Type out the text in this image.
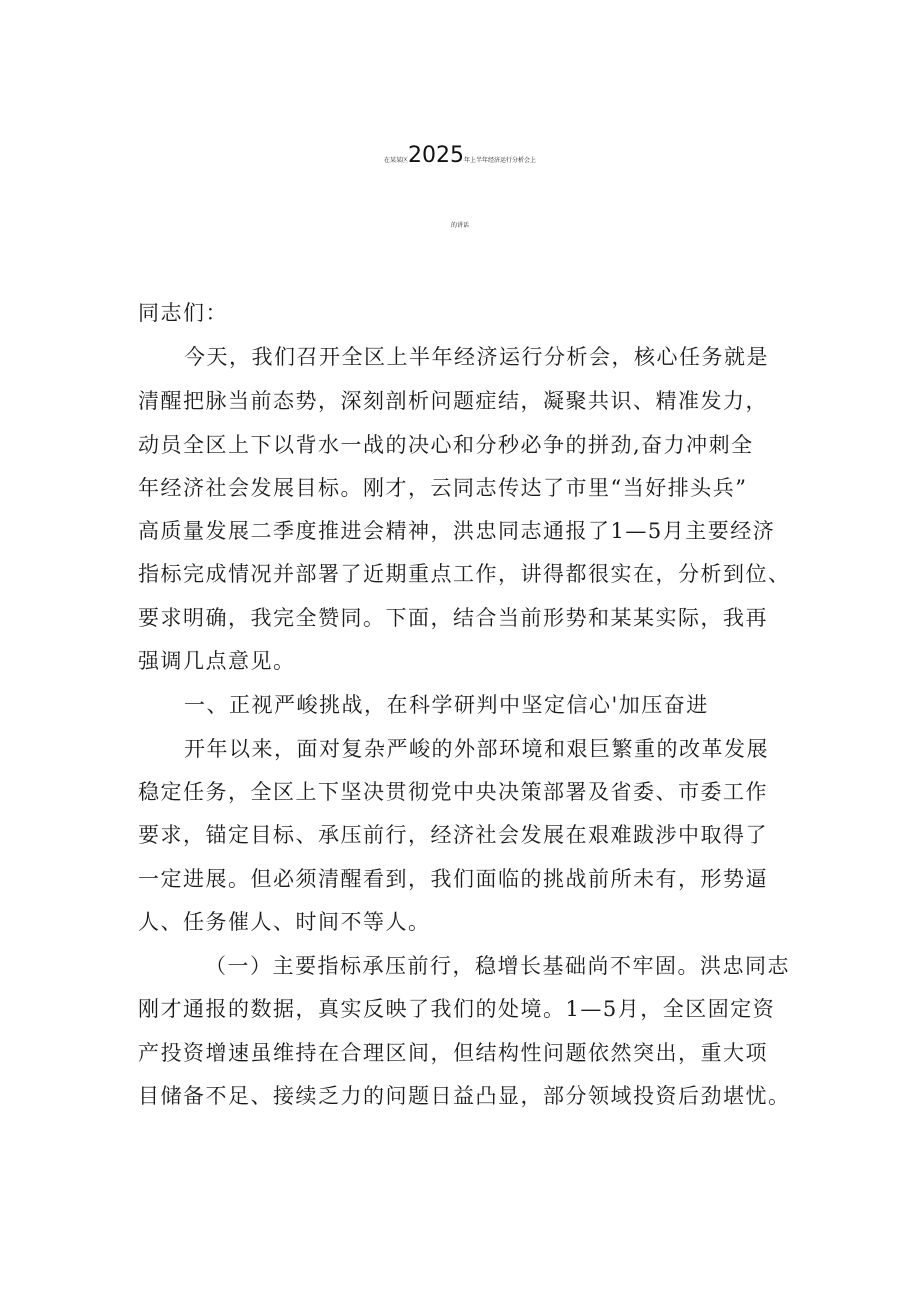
在某某区2025年上半年经济运行分析会上
的讲话
同志们：
今天，我们召开全区上半年经济运行分析会，核心任务就是
清醒把脉当前态势，深刻剖析问题症结，凝聚共识、精准发力，
动员全区上下以背水一战的决心和分秒必争的拼劲,奋力冲刺全
年经济社会发展目标。刚才，云同志传达了市里“当好排头兵”
高质量发展二季度推进会精神，洪忠同志通报了1—5月主要经济
指标完成情况并部署了近期重点工作，讲得都很实在，分析到位、
要求明确，我完全赞同。下面，结合当前形势和某某实际，我再
强调几点意见。
一、正视严峻挑战，在科学研判中坚定信心'加压奋进
开年以来，面对复杂严峻的外部环境和艰巨繁重的改革发展
稳定任务，全区上下坚决贯彻党中央决策部署及省委、市委工作
要求，锚定目标、承压前行，经济社会发展在艰难跋涉中取得了
一定进展。但必须清醒看到，我们面临的挑战前所未有，形势逼
人、任务催人、时间不等人。
（一）主要指标承压前行，稳增长基础尚不牢固。洪忠同志
刚才通报的数据，真实反映了我们的处境。1—5月，全区固定资
产投资增速虽维持在合理区间，但结构性问题依然突出，重大项
目储备不足、接续乏力的问题日益凸显，部分领域投资后劲堪忧。
